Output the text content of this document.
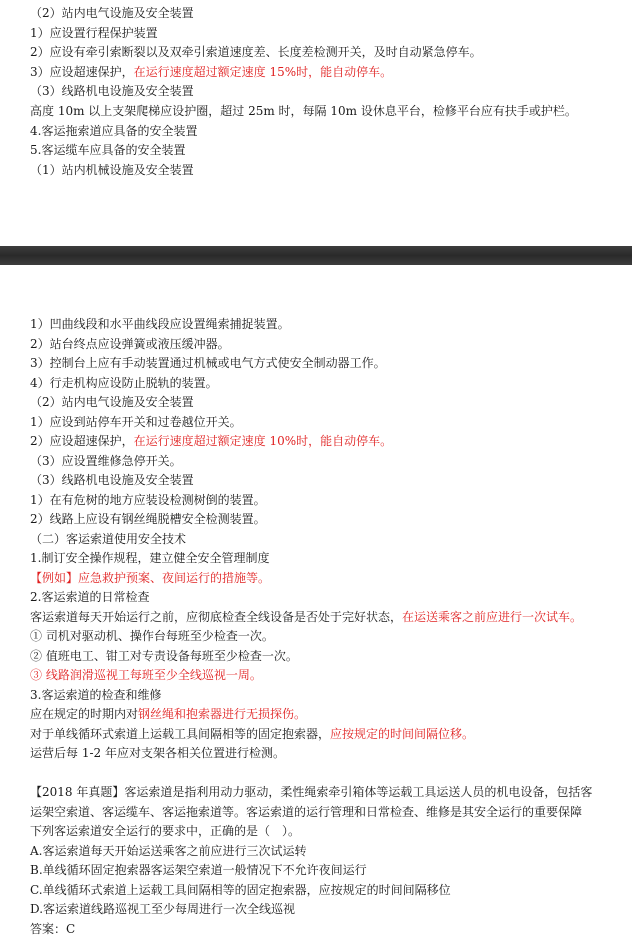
（2）站内电气设施及安全装置
1）应设置行程保护装置
2）应设有牵引索断裂以及双牵引索道速度差、长度差检测开关，及时自动紧急停车。
3）应设超速保护，在运行速度超过额定速度 15%时，能自动停车。
（3）线路机电设施及安全装置
高度 10m 以上支架爬梯应设护圈，超过 25m 时，每隔 10m 设休息平台，检修平台应有扶手或护栏。
4.客运拖索道应具备的安全装置
5.客运缆车应具备的安全装置
（1）站内机械设施及安全装置
1）凹曲线段和水平曲线段应设置绳索捕捉装置。
2）站台终点应设弹簧或液压缓冲器。
3）控制台上应有手动装置通过机械或电气方式使安全制动器工作。
4）行走机构应设防止脱轨的装置。
（2）站内电气设施及安全装置
1）应设到站停车开关和过卷越位开关。
2）应设超速保护，在运行速度超过额定速度 10%时，能自动停车。
（3）应设置维修急停开关。
（3）线路机电设施及安全装置
1）在有危树的地方应装设检测树倒的装置。
2）线路上应设有钢丝绳脱槽安全检测装置。
（二）客运索道使用安全技术
1.制订安全操作规程，建立健全安全管理制度
【例如】应急救护预案、夜间运行的措施等。
2.客运索道的日常检查
客运索道每天开始运行之前，应彻底检查全线设备是否处于完好状态，在运送乘客之前应进行一次试车。
① 司机对驱动机、操作台每班至少检查一次。
② 值班电工、钳工对专责设备每班至少检查一次。
③ 线路润滑巡视工每班至少全线巡视一周。
3.客运索道的检查和维修
应在规定的时期内对钢丝绳和抱索器进行无损探伤。
对于单线循环式索道上运载工具间隔相等的固定抱索器，应按规定的时间间隔位移。
运营后每 1-2 年应对支架各相关位置进行检测。
【2018 年真题】客运索道是指利用动力驱动，柔性绳索牵引箱体等运载工具运送人员的机电设备，包括客
运架空索道、客运缆车、客运拖索道等。客运索道的运行管理和日常检查、维修是其安全运行的重要保障
下列客运索道安全运行的要求中，正确的是（　）。
A.客运索道每天开始运送乘客之前应进行三次试运转
B.单线循环固定抱索器客运架空索道一般情况下不允许夜间运行
C.单线循环式索道上运载工具间隔相等的固定抱索器，应按规定的时间间隔移位
D.客运索道线路巡视工至少每周进行一次全线巡视
答案：C
